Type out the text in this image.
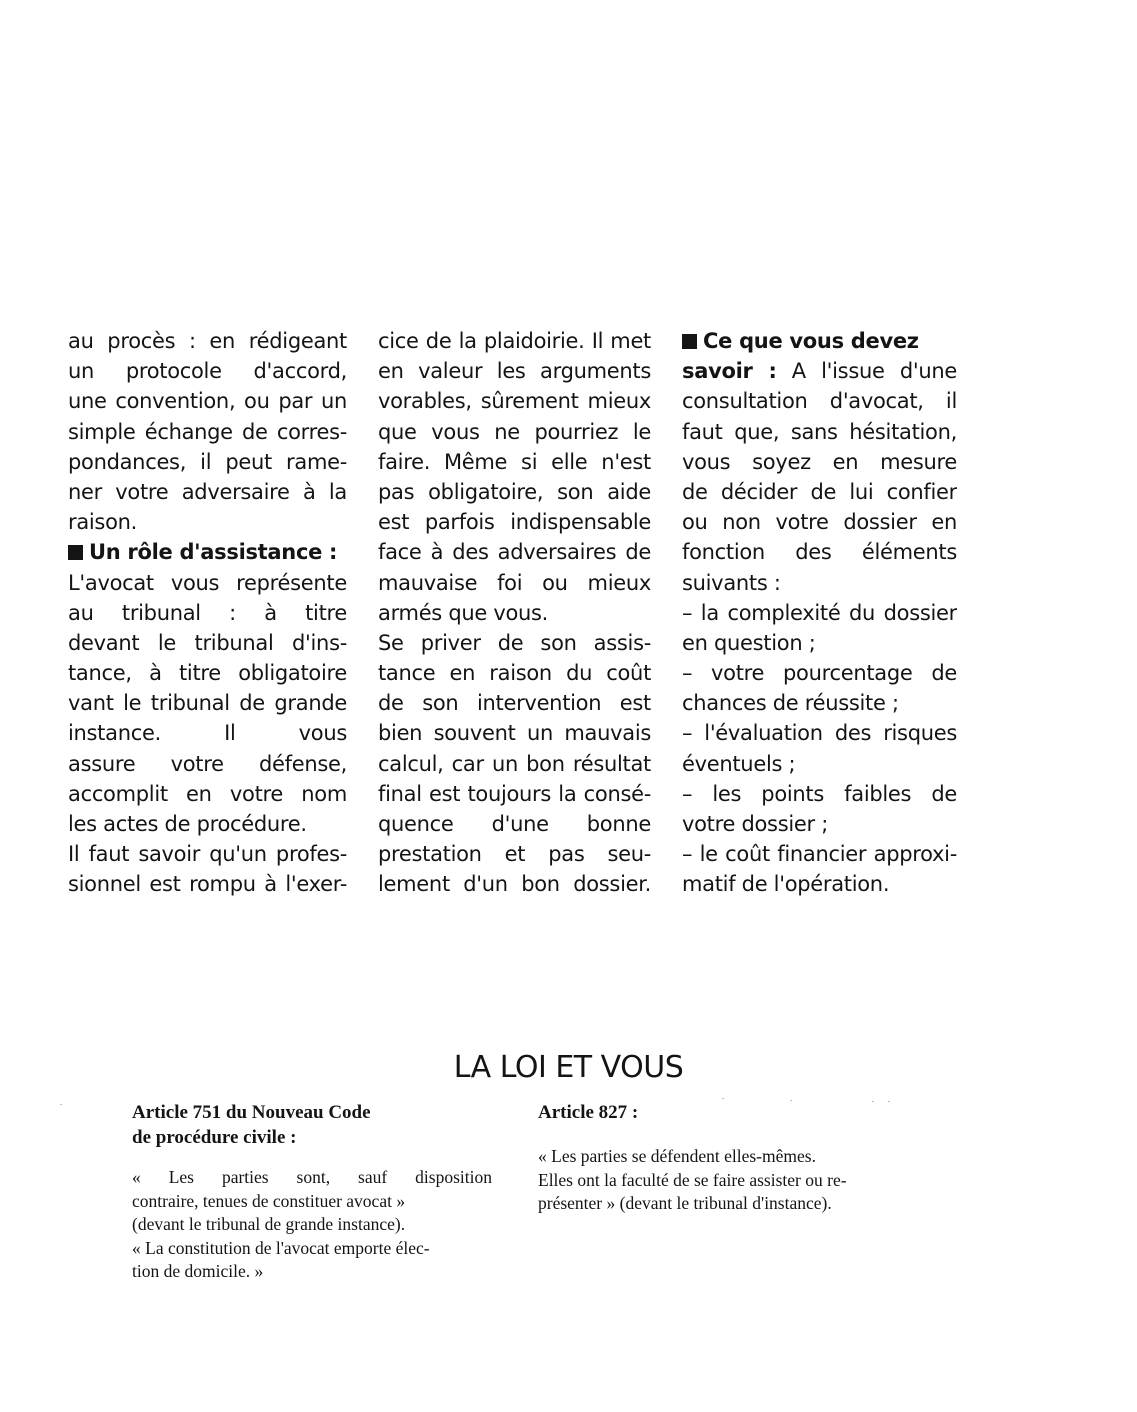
au procès : en rédigeant
un protocole d'accord,
une convention, ou par un
simple échange de corres-
pondances, il peut rame-
ner votre adversaire à la
raison.
Un rôle d'assistance :
L'avocat vous représente
au tribunal : à titre
devant le tribunal d'ins-
tance, à titre obligatoire
vant le tribunal de grande
instance. Il vous
assure votre défense,
accomplit en votre nom
les actes de procédure.
Il faut savoir qu'un profes-
sionnel est rompu à l'exer-
cice de la plaidoirie. Il met
en valeur les arguments
vorables, sûrement mieux
que vous ne pourriez le
faire. Même si elle n'est
pas obligatoire, son aide
est parfois indispensable
face à des adversaires de
mauvaise foi ou mieux
armés que vous.
Se priver de son assis-
tance en raison du coût
de son intervention est
bien souvent un mauvais
calcul, car un bon résultat
final est toujours la consé-
quence d'une bonne
prestation et pas seu-
lement d'un bon dossier.
Ce que vous devez
savoir : A l'issue d'une
consultation d'avocat, il
faut que, sans hésitation,
vous soyez en mesure
de décider de lui confier
ou non votre dossier en
fonction des éléments
suivants :
– la complexité du dossier
en question ;
– votre pourcentage de
chances de réussite ;
– l'évaluation des risques
éventuels ;
– les points faibles de
votre dossier ;
– le coût financier approxi-
matif de l'opération.
LA LOI ET VOUS
Article 751 du Nouveau Code
de procédure civile :
« Les parties sont, sauf disposition
contraire, tenues de constituer avocat »
(devant le tribunal de grande instance).
« La constitution de l'avocat emporte élec-
tion de domicile. »
Article 827 :
« Les parties se défendent elles-mêmes.
Elles ont la faculté de se faire assister ou re-
présenter » (devant le tribunal d'instance).
